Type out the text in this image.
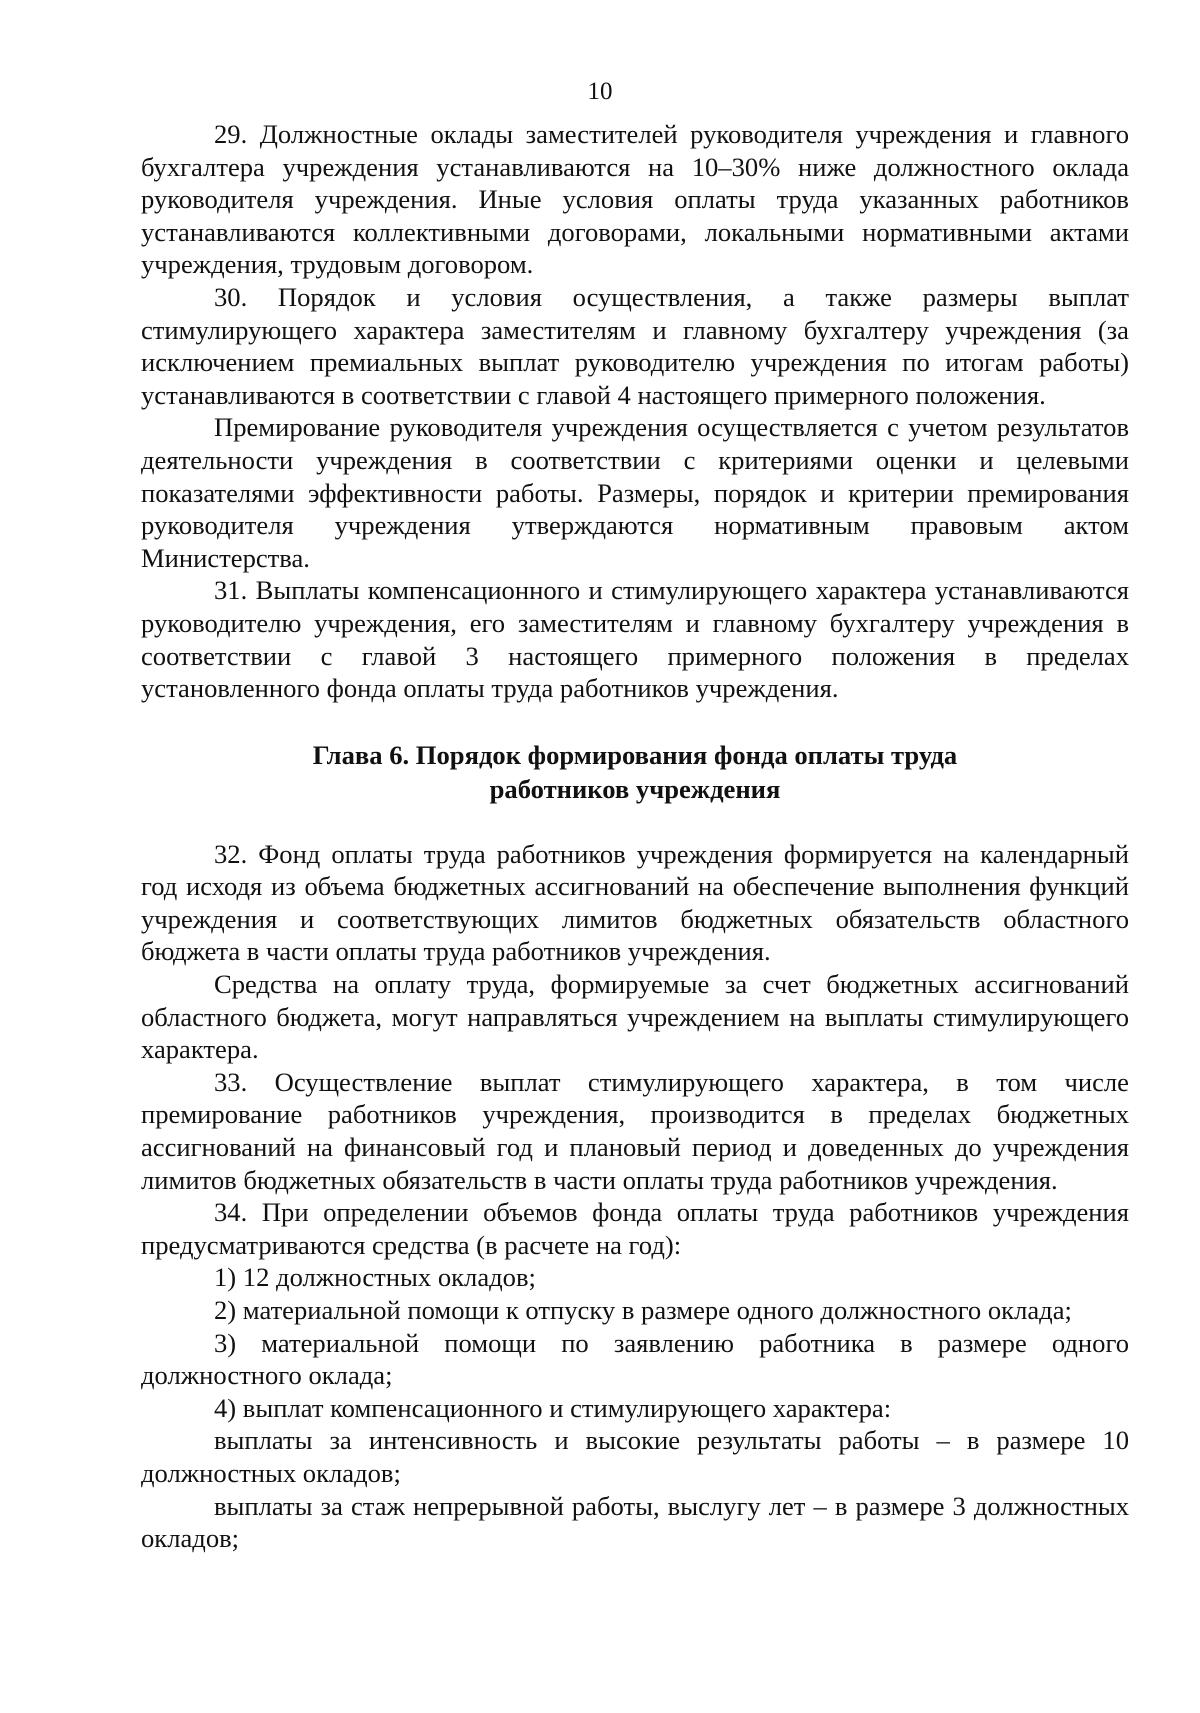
10

29. Должностные оклады заместителей руководителя учреждения и главного бухгалтера учреждения устанавливаются на 10–30% ниже должностного оклада руководителя учреждения. Иные условия оплаты труда указанных работников устанавливаются коллективными договорами, локальными нормативными актами учреждения, трудовым договором.

30. Порядок и условия осуществления, а также размеры выплат стимулирующего характера заместителям и главному бухгалтеру учреждения (за исключением премиальных выплат руководителю учреждения по итогам работы) устанавливаются в соответствии с главой 4 настоящего примерного положения.

Премирование руководителя учреждения осуществляется с учетом результатов деятельности учреждения в соответствии с критериями оценки и целевыми показателями эффективности работы. Размеры, порядок и критерии премирования руководителя учреждения утверждаются нормативным правовым актом Министерства.

31. Выплаты компенсационного и стимулирующего характера устанавливаются руководителю учреждения, его заместителям и главному бухгалтеру учреждения в соответствии с главой 3 настоящего примерного положения в пределах установленного фонда оплаты труда работников учреждения.

Глава 6. Порядок формирования фонда оплаты труда
работников учреждения

32. Фонд оплаты труда работников учреждения формируется на календарный год исходя из объема бюджетных ассигнований на обеспечение выполнения функций учреждения и соответствующих лимитов бюджетных обязательств областного бюджета в части оплаты труда работников учреждения.

Средства на оплату труда, формируемые за счет бюджетных ассигнований областного бюджета, могут направляться учреждением на выплаты стимулирующего характера.

33. Осуществление выплат стимулирующего характера, в том числе премирование работников учреждения, производится в пределах бюджетных ассигнований на финансовый год и плановый период и доведенных до учреждения лимитов бюджетных обязательств в части оплаты труда работников учреждения.

34. При определении объемов фонда оплаты труда работников учреждения предусматриваются средства (в расчете на год):

1) 12 должностных окладов;

2) материальной помощи к отпуску в размере одного должностного оклада;

3) материальной помощи по заявлению работника в размере одного должностного оклада;

4) выплат компенсационного и стимулирующего характера:

выплаты за интенсивность и высокие результаты работы – в размере 10 должностных окладов;

выплаты за стаж непрерывной работы, выслугу лет – в размере 3 должностных окладов;
